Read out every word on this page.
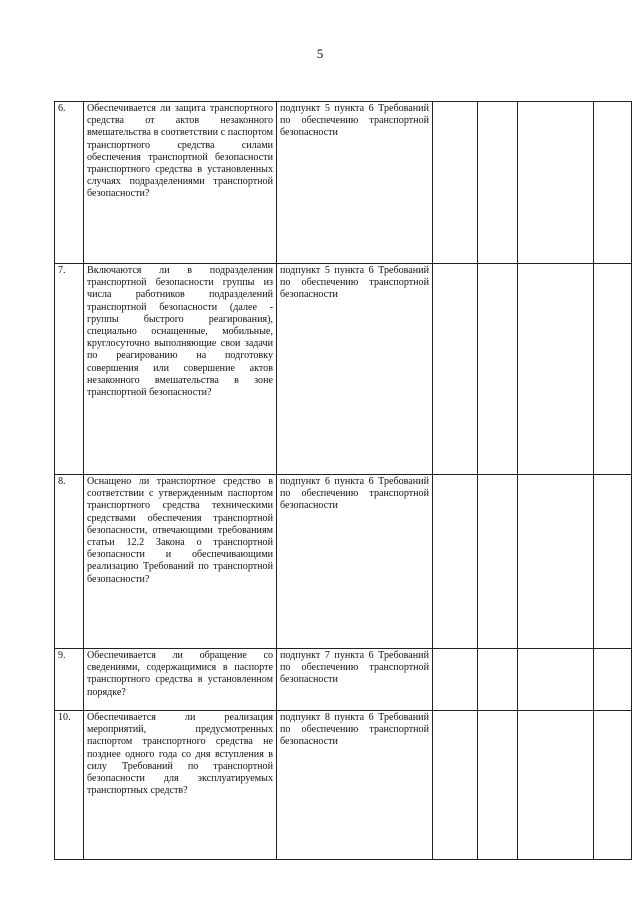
5
6.	Обеспечивается ли защита транспортного средства от актов незаконного вмешательства в соответствии с паспортом транспортного средства силами обеспечения транспортной безопасности транспортного средства в установленных случаях подразделениями транспортной безопасности?	подпункт 5 пункта 6 Требований по обеспечению транспортной безопасности				
7.	Включаются ли в подразделения транспортной безопасности группы из числа работников подразделений транспортной безопасности (далее - группы быстрого реагирования), специально оснащенные, мобильные, круглосуточно выполняющие свои задачи по реагированию на подготовку совершения или совершение актов незаконного вмешательства в зоне транспортной безопасности?	подпункт 5 пункта 6 Требований по обеспечению транспортной безопасности				
8.	Оснащено ли транспортное средство в соответствии с утвержденным паспортом транспортного средства техническими средствами обеспечения транспортной безопасности, отвечающими требованиям статьи 12.2 Закона о транспортной безопасности и обеспечивающими реализацию Требований по транспортной безопасности?	подпункт 6 пункта 6 Требований по обеспечению транспортной безопасности				
9.	Обеспечивается ли обращение со сведениями, содержащимися в паспорте транспортного средства в установленном порядке?	подпункт 7 пункта 6 Требований по обеспечению транспортной безопасности				
10.	Обеспечивается ли реализация мероприятий, предусмотренных паспортом транспортного средства не позднее одного года со дня вступления в силу Требований по транспортной безопасности для эксплуатируемых транспортных средств?	подпункт 8 пункта 6 Требований по обеспечению транспортной безопасности				
